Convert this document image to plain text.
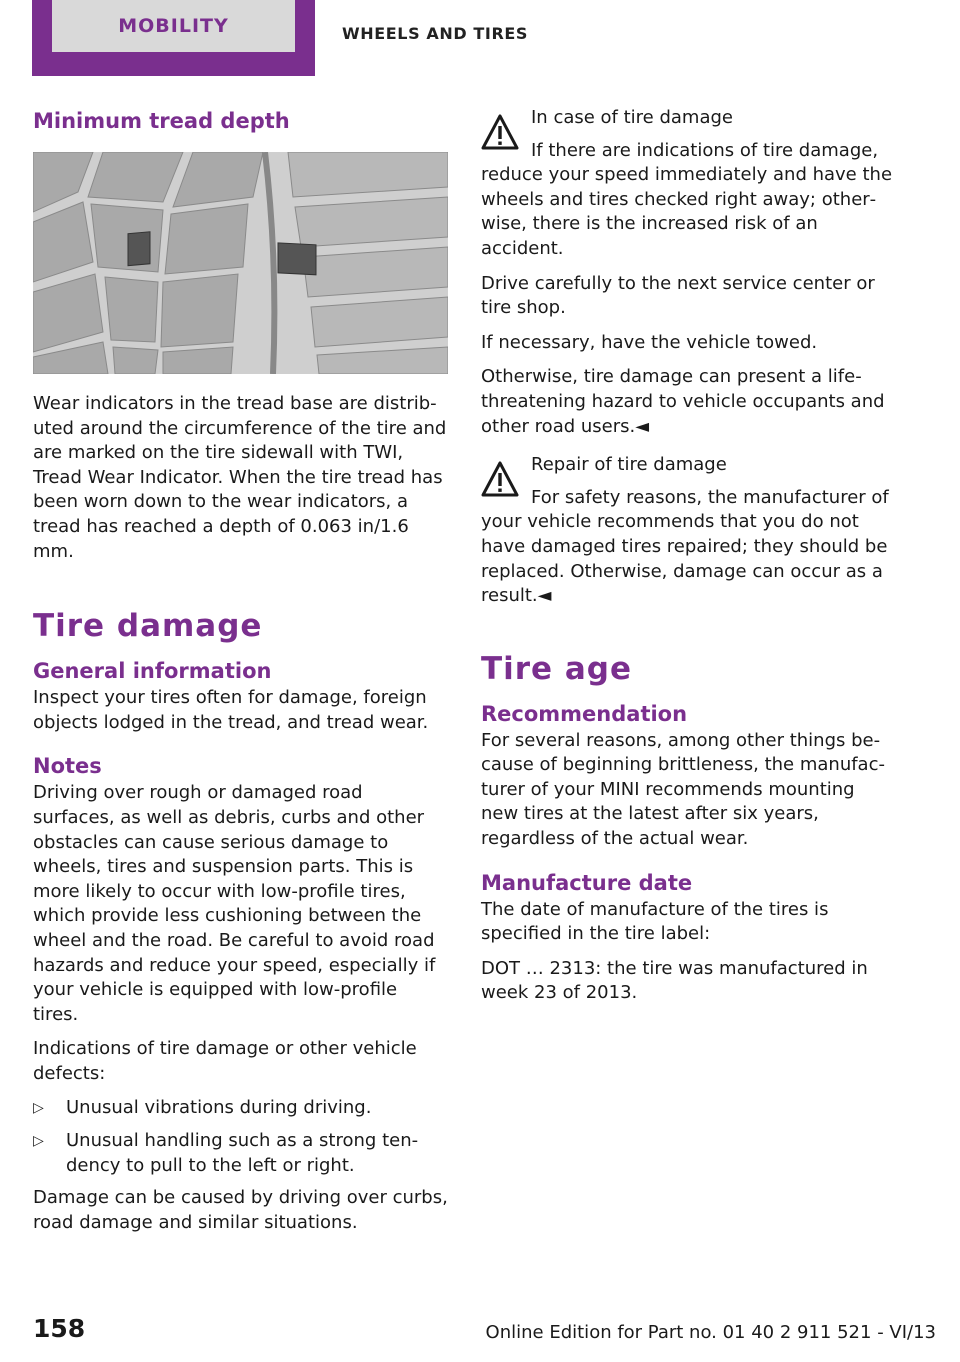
MOBILITY	WHEELS AND TIRES
Minimum tread depth

Wear indicators in the tread base are distributed around the circumference of the tire and are marked on the tire sidewall with TWI, Tread Wear Indicator. When the tire tread has been worn down to the wear indicators, a tread has reached a depth of 0.063 in/1.6 mm.

Tire damage
General information

Inspect your tires often for damage, foreign objects lodged in the tread, and tread wear.

Notes

Driving over rough or damaged road surfaces, as well as debris, curbs and other obstacles can cause serious damage to wheels, tires and suspension parts. This is more likely to occur with low-profile tires, which provide less cushioning between the wheel and the road. Be careful to avoid road hazards and reduce your speed, especially if your vehicle is equipped with low-profile tires.

Indications of tire damage or other vehicle defects:

▷ Unusual vibrations during driving.
▷ Unusual handling such as a strong tendency to pull to the left or right.

Damage can be caused by driving over curbs, road damage and similar situations.

In case of tire damage

If there are indications of tire damage, reduce your speed immediately and have the wheels and tires checked right away; otherwise, there is the increased risk of an accident.

Drive carefully to the next service center or tire shop.

If necessary, have the vehicle towed.

Otherwise, tire damage can present a life-threatening hazard to vehicle occupants and other road users.◄

Repair of tire damage

For safety reasons, the manufacturer of your vehicle recommends that you do not have damaged tires repaired; they should be replaced. Otherwise, damage can occur as a result.◄

Tire age
Recommendation

For several reasons, among other things because of beginning brittleness, the manufacturer of your MINI recommends mounting new tires at the latest after six years, regardless of the actual wear.

Manufacture date

The date of manufacture of the tires is specified in the tire label:

DOT … 2313: the tire was manufactured in week 23 of 2013.

158	Online Edition for Part no. 01 40 2 911 521 - VI/13
